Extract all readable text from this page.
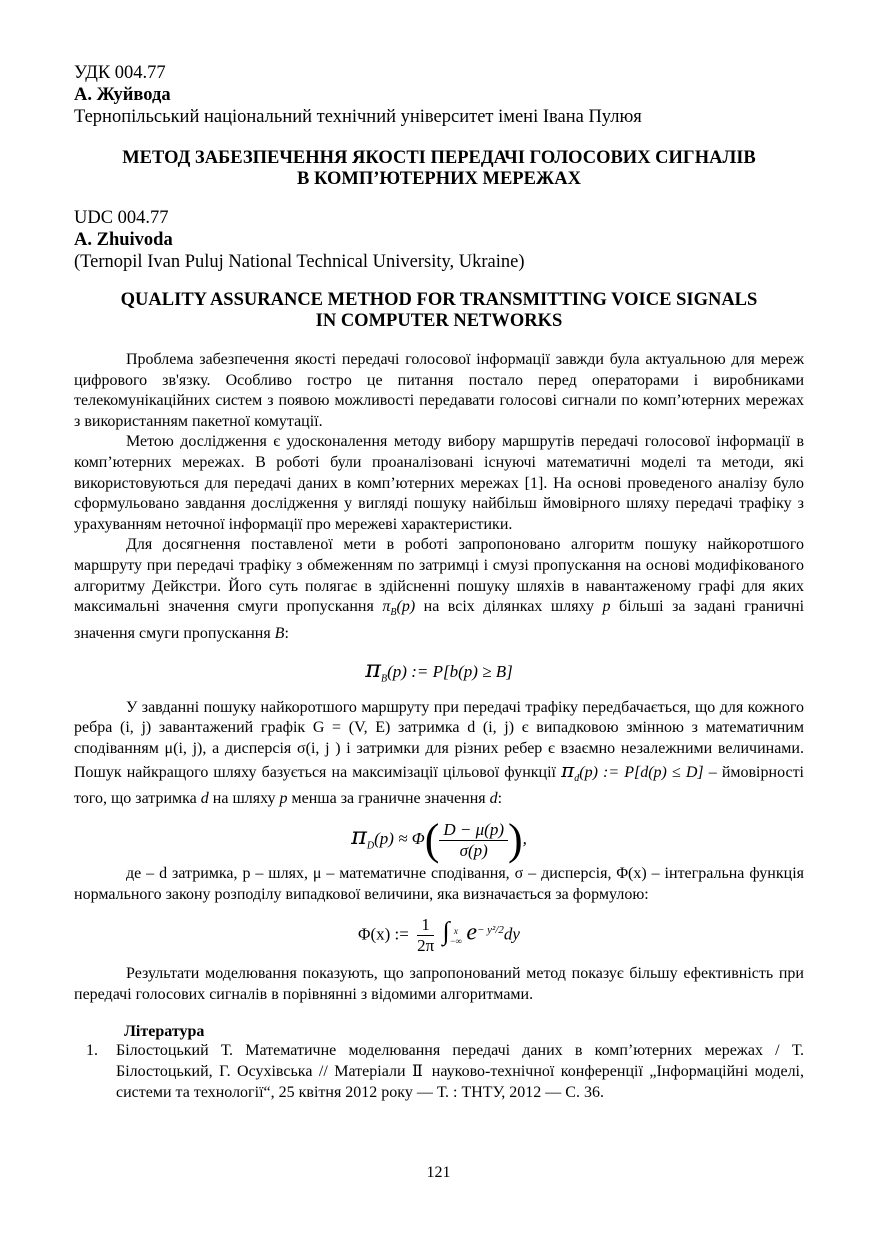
УДК 004.77
А. Жуйвода
Тернопільський національний технічний університет імені Івана Пулюя
МЕТОД ЗАБЕЗПЕЧЕННЯ ЯКОСТІ ПЕРЕДАЧІ ГОЛОСОВИХ СИГНАЛІВ
В КОМП’ЮТЕРНИХ МЕРЕЖАХ
UDC 004.77
A. Zhuivoda
(Ternopil Ivan Puluj National Technical University, Ukraine)
QUALITY ASSURANCE METHOD FOR TRANSMITTING VOICE SIGNALS
IN COMPUTER NETWORKS

Проблема забезпечення якості передачі голосової інформації завжди була актуальною для мереж цифрового зв'язку. Особливо гостро це питання постало перед операторами і виробниками телекомунікаційних систем з появою можливості передавати голосові сигнали по комп’ютерних мережах з використанням пакетної комутації.

Метою дослідження є удосконалення методу вибору маршрутів передачі голосової інформації в комп’ютерних мережах. В роботі були проаналізовані існуючі математичні моделі та методи, які використовуються для передачі даних в комп’ютерних мережах [1]. На основі проведеного аналізу було сформульовано завдання дослідження у вигляді пошуку найбільш ймовірного шляху передачі трафіку з урахуванням неточної інформації про мережеві характеристики.

Для досягнення поставленої мети в роботі запропоновано алгоритм пошуку найкоротшого маршруту при передачі трафіку з обмеженням по затримці і смузі пропускання на основі модифікованого алгоритму Дейкстри. Його суть полягає в здійсненні пошуку шляхів в навантаженому графі для яких максимальні значення смуги пропускання $\pi_B(p)$ на всіх ділянках шляху p більші за задані граничні значення смуги пропускання B:

$\pi_B(p)$ := P[b(p) ≥ B]

У завданні пошуку найкоротшого маршруту при передачі трафіку передбачається, що для кожного ребра (i, j) завантажений графік G = (V, E) затримка d (i, j) є випадковою змінною з математичним сподіванням μ(i, j), а дисперсія σ(i, j ) і затримки для різних ребер є взаємно незалежними величинами. Пошук найкращого шляху базується на максимізації цільової функції $\pi_d(p)$ := P[d(p) ≤ D] – ймовірності того, що затримка d на шляху p менша за граничне значення d:

$\pi_D(p) \approx \Phi( \frac{D - \mu(p)}{\sigma(p)}$ ),

де – d затримка, p – шлях, μ – математичне сподівання, σ – дисперсія, Φ(x) – інтегральна функція нормального закону розподілу випадкової величини, яка визначається за формулою:

Φ(x) := $\frac{1}{2\pi}$ ∫ x
−∞ $e^{- y^2/2}dy$

Результати моделювання показують, що запропонований метод показує більшу ефективність при передачі голосових сигналів в порівнянні з відомими алгоритмами.

Література
1.	Білостоцький Т. Математичне моделювання передачі даних в комп’ютерних мережах / Т. Білостоцький, Г. Осухівська // Матеріали Ⅱ науково-технічної конференції „Інформаційні моделі, системи та технології“, 25 квітня 2012 року — Т. : ТНТУ, 2012 — С. 36.
121
